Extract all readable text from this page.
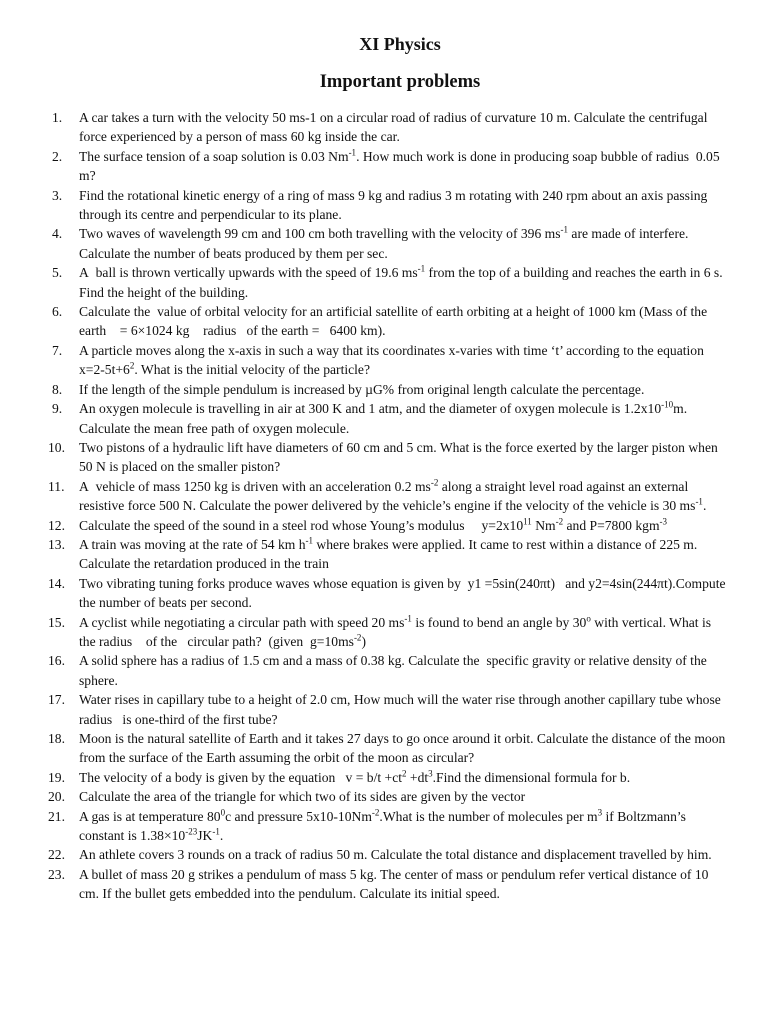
XI Physics
Important problems
1. A car takes a turn with the velocity 50 ms-1 on a circular road of radius of curvature 10 m. Calculate the centrifugal force experienced by a person of mass 60 kg inside the car.
2. The surface tension of a soap solution is 0.03 $Nm^{-1}$. How much work is done in producing soap bubble of radius  0.05 m?
3. Find the rotational kinetic energy of a ring of mass 9 kg and radius 3 m rotating with 240 rpm about an axis passing through its centre and perpendicular to its plane.
4. Two waves of wavelength 99 cm and 100 cm both travelling with the velocity of 396 $ms^{-1}$ are made of interfere. Calculate the number of beats produced by them per sec.
5. A  ball is thrown vertically upwards with the speed of 19.6 $ms^{-1}$ from the top of a building and reaches the earth in 6 s. Find the height of the building.
6. Calculate the  value of orbital velocity for an artificial satellite of earth orbiting at a height of 1000 km (Mass of the   earth    = 6×1024 kg    radius   of the earth =   6400 km).
7. A particle moves along the x-axis in such a way that its coordinates x-varies with time ‘t’ according to the equation $x=2-5t+6^2$. What is the initial velocity of the particle?
8. If the length of the simple pendulum is increased by µG% from original length calculate the percentage.
9. An oxygen molecule is travelling in air at 300 K and 1 atm, and the diameter of oxygen molecule is $1.2x10^{-10}m$. Calculate the mean free path of oxygen molecule.
10. Two pistons of a hydraulic lift have diameters of 60 cm and 5 cm. What is the force exerted by the larger piston when 50 N is placed on the smaller piston?
11. A  vehicle of mass 1250 kg is driven with an acceleration 0.2 $ms^{-2}$ along a straight level road against an external resistive force 500 N. Calculate the power delivered by the vehicle’s engine if the velocity of the vehicle is 30 $ms^{-1}$.
12. Calculate the speed of the sound in a steel rod whose Young’s modulus     $y=2x10^{11}$ $Nm^{-2}$ and P=7800 kgm$^{-3}$
13. A train was moving at the rate of 54 km $h^{-1}$ where brakes were applied. It came to rest within a distance of 225 m. Calculate the retardation produced in the train
14. Two vibrating tuning forks produce waves whose equation is given by  y1 =5sin(240πt)   and y2=4sin(244πt).Compute the number of beats per second.
15. A cyclist while negotiating a circular path with speed 20 $ms^{-1}$ is found to bend an angle by 30$^o$ with vertical. What is the radius    of the   circular path?  (given  $g=10ms^{-2}$)
16. A solid sphere has a radius of 1.5 cm and a mass of 0.38 kg. Calculate the  specific gravity or relative density of the sphere.
17. Water rises in capillary tube to a height of 2.0 cm, How much will the water rise through another capillary tube whose radius   is one-third of the first tube?
18. Moon is the natural satellite of Earth and it takes 27 days to go once around it orbit. Calculate the distance of the moon from the surface of the Earth assuming the orbit of the moon as circular?
19. The velocity of a body is given by the equation   $v = b/t +ct^2$ $+dt^3.Find$ the dimensional formula for b.
20. Calculate the area of the triangle for which two of its sides are given by the vector
21. A gas is at temperature $80^0c$ and pressure $5x10-10Nm^{-2}.What$ is the number of molecules per $m^3$ if Boltzmann’s constant is $1.38\times 10^{-23}JK^{-1}$.
22. An athlete covers 3 rounds on a track of radius 50 m. Calculate the total distance and displacement travelled by him.
23. A bullet of mass 20 g strikes a pendulum of mass 5 kg. The center of mass or pendulum refer vertical distance of 10 cm. If the bullet gets embedded into the pendulum. Calculate its initial speed.
